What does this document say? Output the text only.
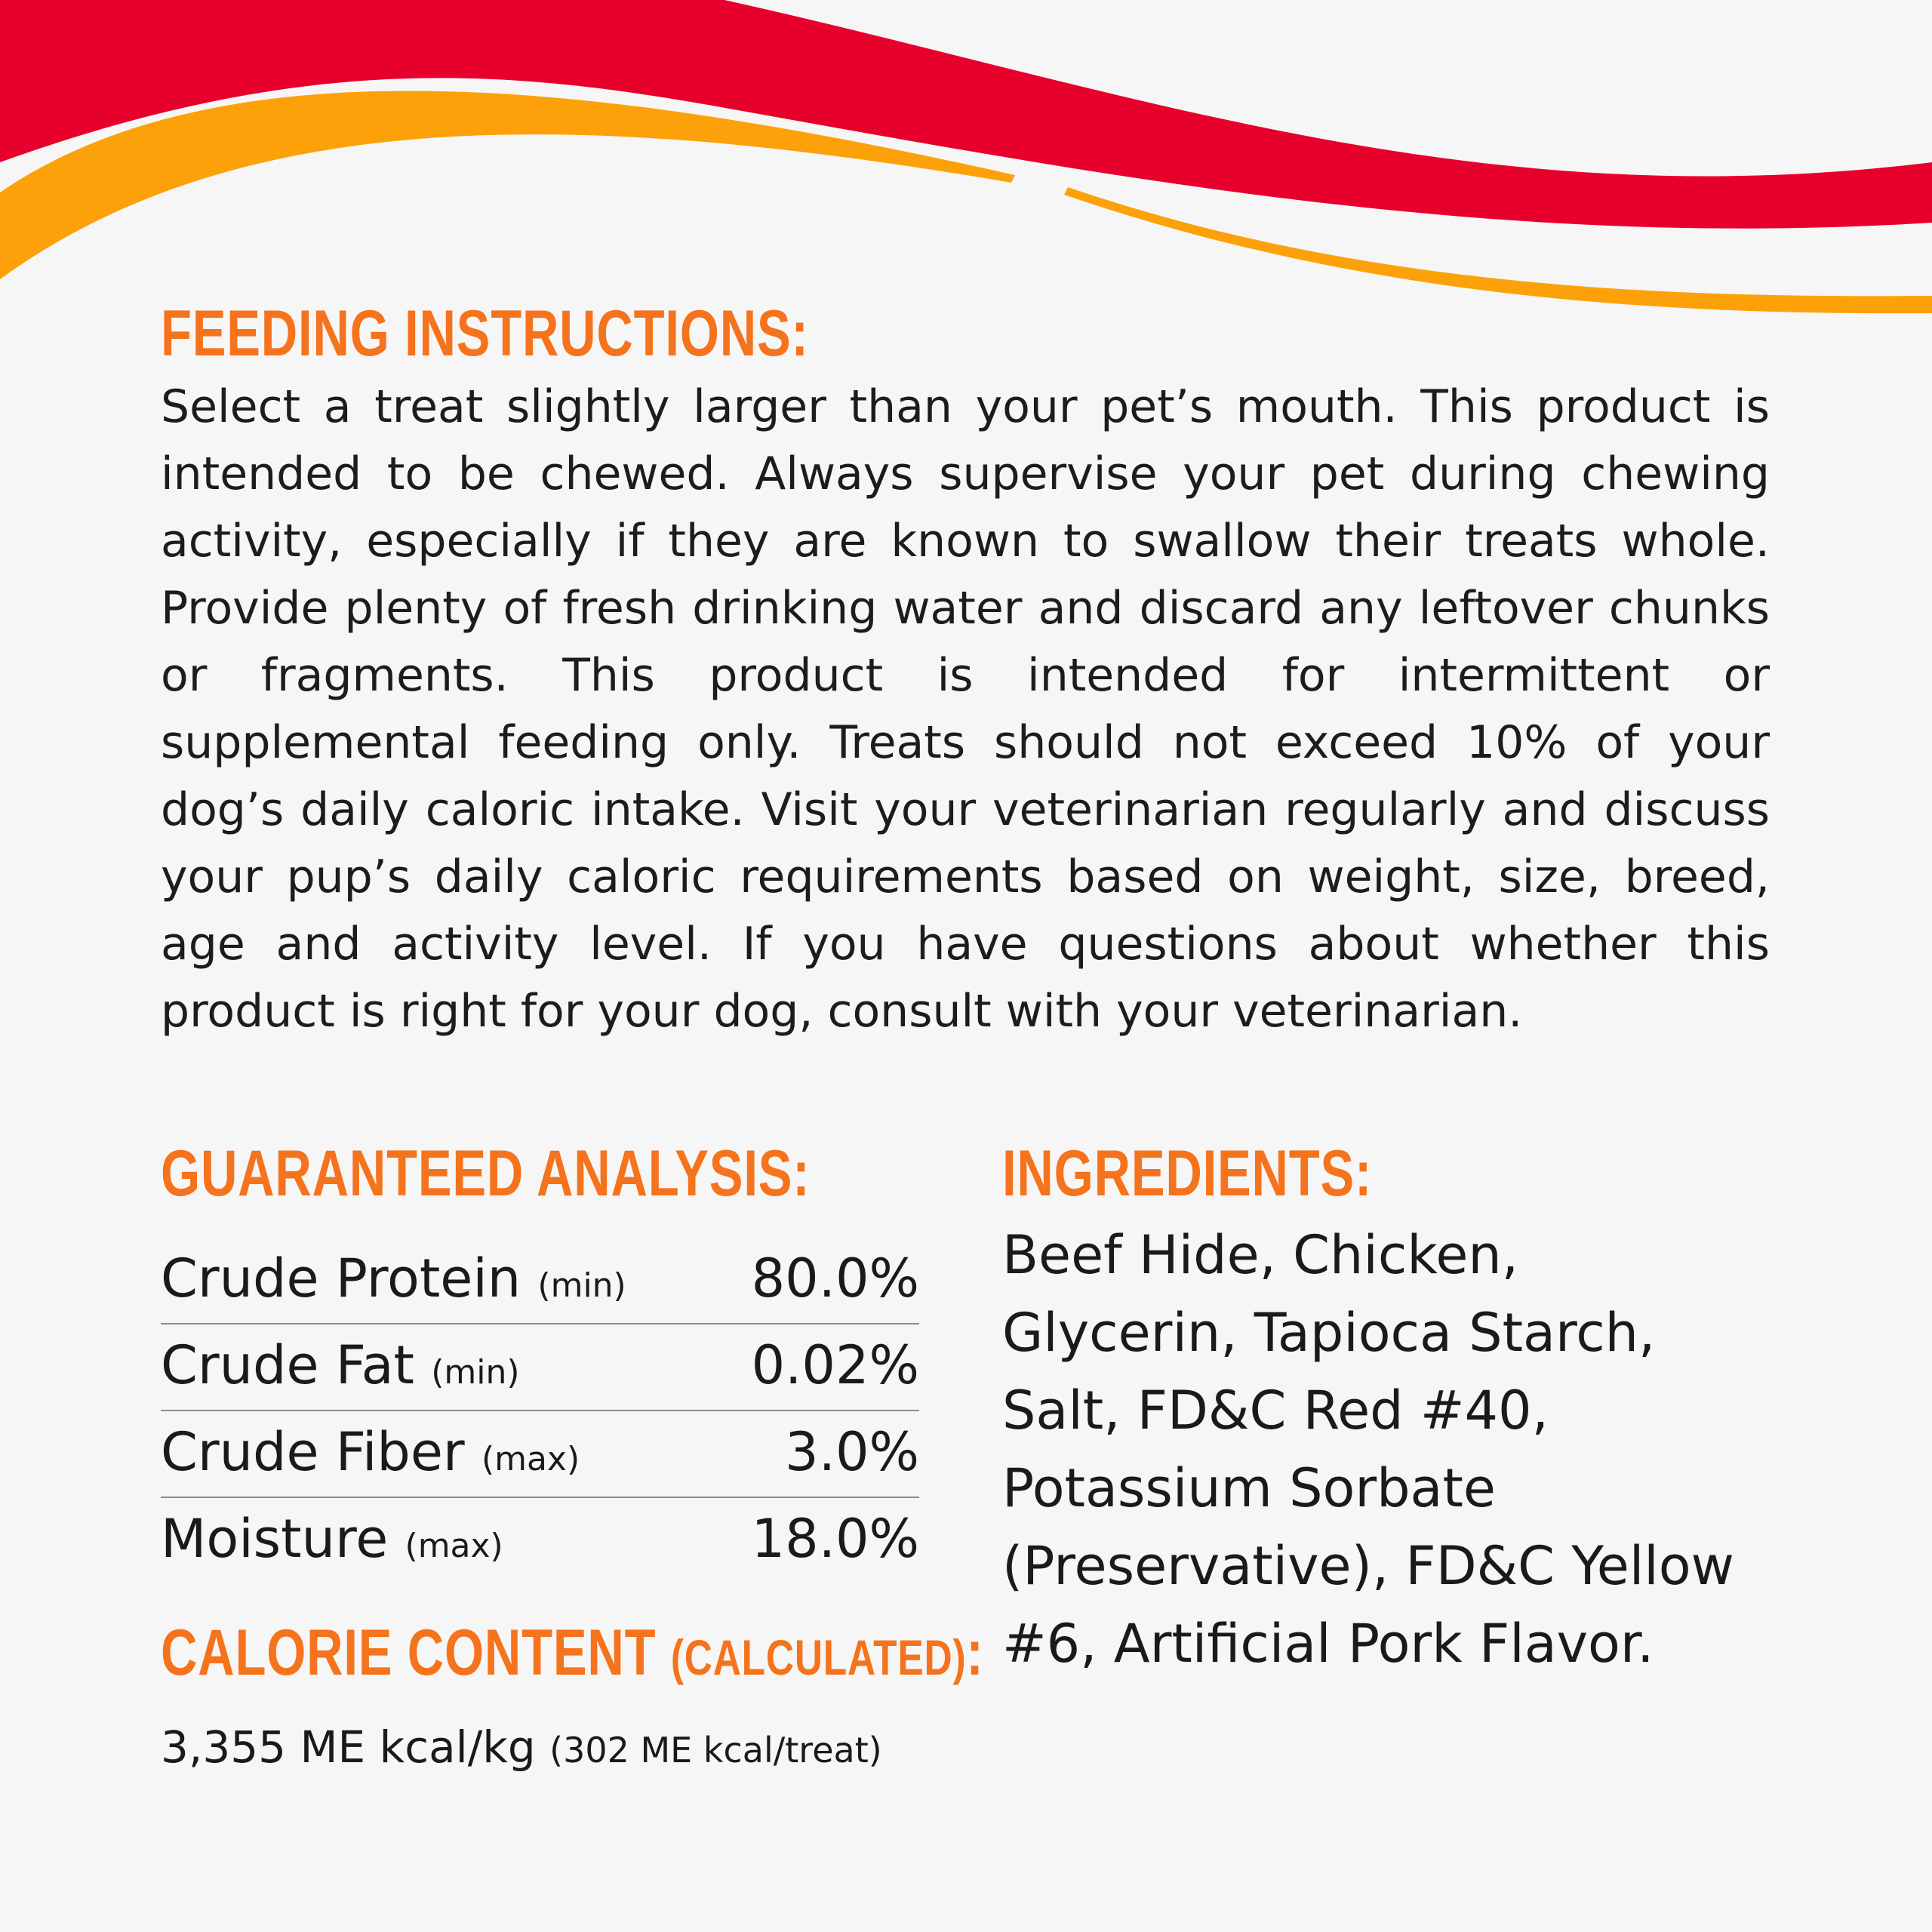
FEEDING INSTRUCTIONS:
Select a treat slightly larger than your pet’s mouth. This product is intended to be chewed. Always supervise your pet during chewing activity, especially if they are known to swallow their treats whole. Provide plenty of fresh drinking water and discard any leftover chunks or fragments. This product is intended for intermittent or supplemental feeding only. Treats should not exceed 10% of your dog’s daily caloric intake. Visit your veterinarian regularly and discuss your pup’s daily caloric requirements based on weight, size, breed, age and activity level. If you have questions about whether this product is right for your dog, consult with your veterinarian.
GUARANTEED ANALYSIS:
Crude Protein (min) 80.0%
Crude Fat (min)	0.02%
Crude Fiber (max)	3.0%
Moisture (max)	18.0%
CALORIE CONTENT (CALCULATED):
3,355 ME kcal/kg (302 ME kcal/treat)
INGREDIENTS:
Beef Hide, Chicken, Glycerin, Tapioca Starch, Salt, FD&C Red #40, Potassium Sorbate (Preservative), FD&C Yellow #6, Artificial Pork Flavor.
